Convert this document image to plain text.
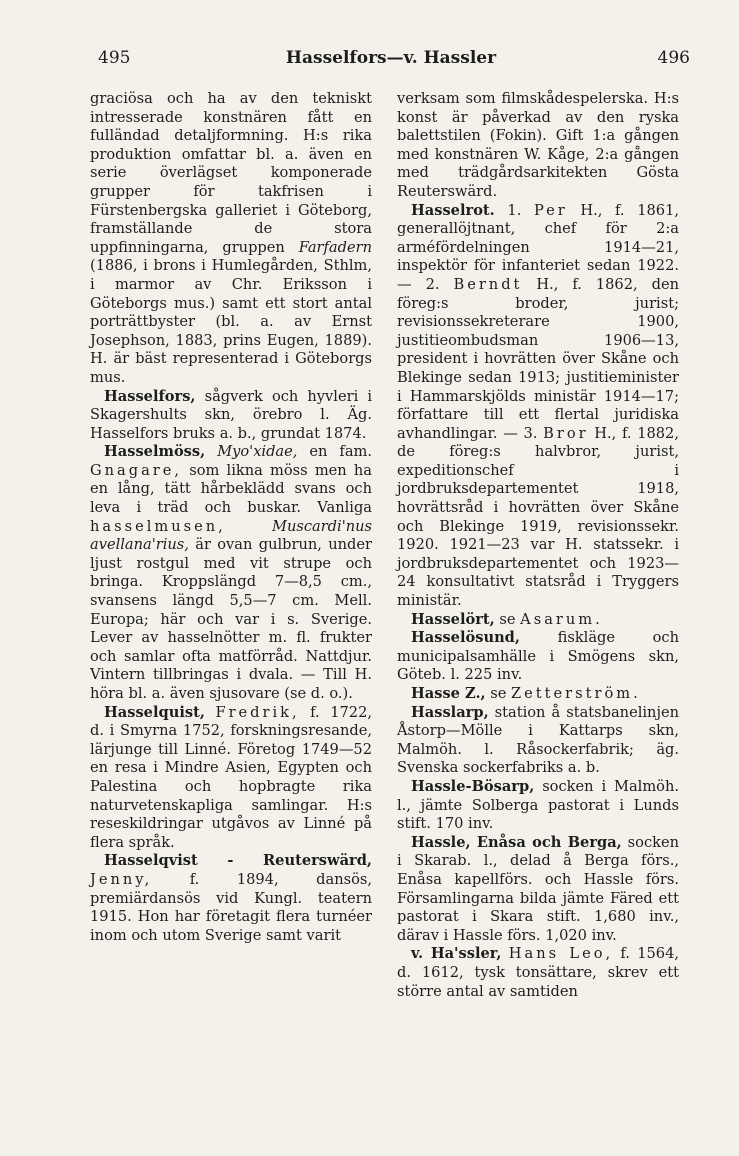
495	Hasselfors—v. Hassler	496

graciösa och ha av den tekniskt intresserade konstnären fått en fulländad detaljformning. H:s rika produktion omfattar bl. a. även en serie överlägset komponerade grupper för takfrisen i Fürstenbergska galleriet i Göteborg, framställande de stora uppfinningarna, gruppen Farfadern (1886, i brons i Humlegården, Sthlm, i marmor av Chr. Eriksson i Göteborgs mus.) samt ett stort antal porträttbyster (bl. a. av Ernst Josephson, 1883, prins Eugen, 1889). H. är bäst representerad i Göteborgs mus.

Hasselfors, sågverk och hyvleri i Skagershults skn, örebro l. Äg. Hasselfors bruks a. b., grundat 1874.

Hasselmöss, Myo'xidae, en fam. Gnagare, som likna möss men ha en lång, tätt hårbeklädd svans och leva i träd och buskar. Vanliga hasselmusen,	Muscardi'nus avellana'rius, är ovan gulbrun, under ljust rostgul med vit strupe och bringa. Kroppslängd 7—8,5 cm., svansens längd 5,5—7 cm. Mell. Europa; här och var i s. Sverige. Lever av hasselnötter m. fl. frukter och samlar ofta matförråd. Nattdjur. Vintern tillbringas i dvala. — Till H. höra bl. a. även sjusovare (se d. o.).

Hasselquist, Fredrik, f. 1722, d. i Smyrna 1752, forskningsresande, lärjunge till Linné. Företog 1749—52 en resa i Mindre Asien, Egypten och Palestina och hopbragte rika naturvetenskapliga samlingar. H:s reseskildringar utgåvos av Linné på flera språk.

Hasselqvist - Reuterswärd, Jenny, f. 1894, dansös, premiärdansös vid Kungl. teatern 1915. Hon har företagit flera turnéer inom och utom Sverige samt varit

verksam som filmskådespelerska. H:s konst är påverkad av den ryska balettstilen (Fokin). Gift 1:a gången med konstnären W. Kåge, 2:a gången med trädgårdsarkitekten Gösta Reuterswärd.

Hasselrot. 1. Per H., f. 1861, generallöjtnant, chef för 2:a arméfördelningen 1914—21, inspektör för infanteriet sedan 1922. — 2. Berndt H., f. 1862, den föreg:s broder, jurist; revisionssekreterare 1900, justitieombudsman 1906—13, president i hovrätten över Skåne och Blekinge sedan 1913; justitieminister i Hammarskjölds ministär 1914—17; författare till ett flertal juridiska avhandlingar. — 3. Bror H., f. 1882, de föreg:s halvbror, jurist, expeditionschef i jordbruksdepartementet 1918, hovrättsråd i hovrätten över Skåne och Blekinge 1919, revisionssekr. 1920. 1921—23 var H. statssekr. i jordbruksdepartementet och 1923—24 konsultativt statsråd i Tryggers ministär.

Hasselört, se Asarum.

Hasselösund, fiskläge och municipalsamhälle i Smögens skn, Göteb. l. 225 inv.

Hasse Z., se Zetterström.

Hasslarp, station å statsbanelinjen Åstorp—Mölle i Kattarps skn, Malmöh. l. Råsockerfabrik; äg. Svenska sockerfabriks a. b.

Hassle-Bösarp, socken i Malmöh. l., jämte Solberga pastorat i Lunds stift. 170 inv.

Hassle, Enåsa och Berga, socken i Skarab. l., delad å Berga förs., Enåsa kapellförs. och Hassle förs. Församlingarna bilda jämte Färed ett pastorat i Skara stift. 1,680 inv., därav i Hassle förs. 1,020 inv.

v. Ha'ssler, Hans Leo, f. 1564, d. 1612, tysk tonsättare, skrev ett större antal av samtiden
